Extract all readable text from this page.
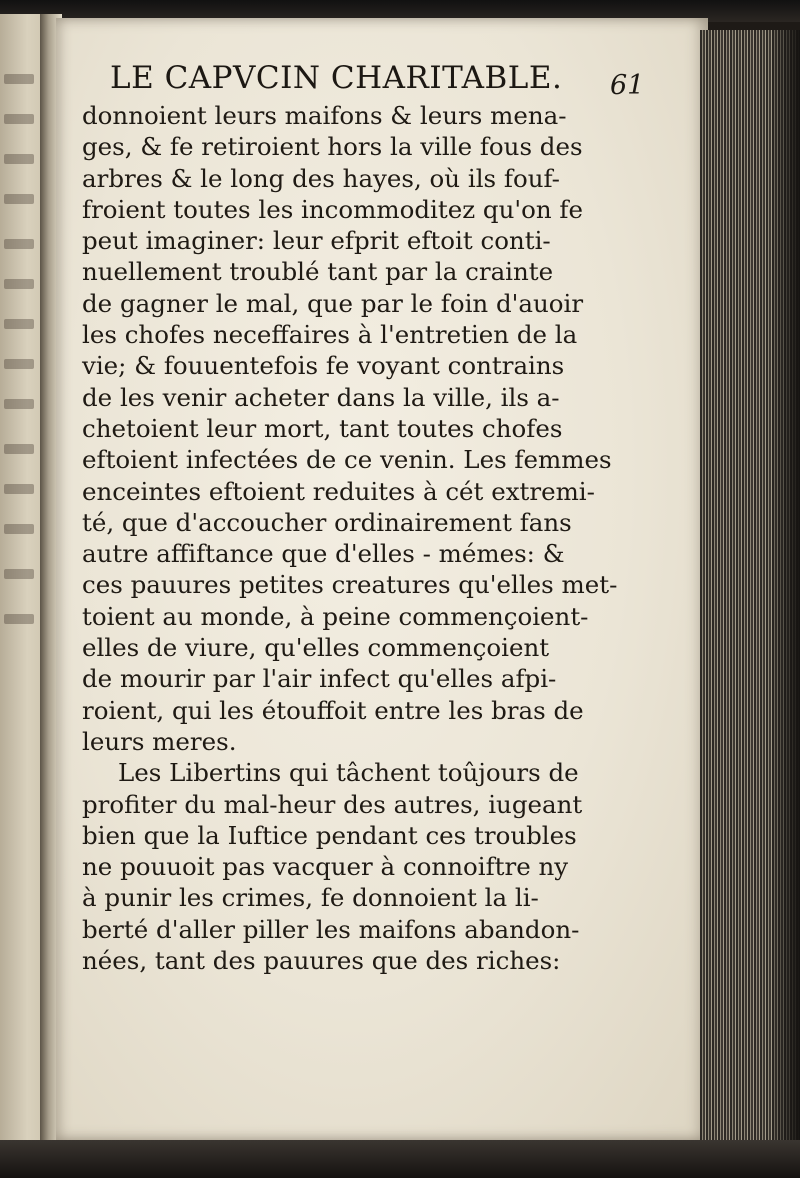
LE CAPVCIN CHARITABLE.	61
donnoient leurs maifons & leurs mena-
ges, & fe retiroient hors la ville fous des
arbres & le long des hayes, où ils fouf-
froient toutes les incommoditez qu'on fe
peut imaginer: leur efprit eftoit conti-
nuellement troublé tant par la crainte
de gagner le mal, que par le foin d'auoir
les chofes neceffaires à l'entretien de la
vie; & fouuentefois fe voyant contrains
de les venir acheter dans la ville, ils a-
chetoient leur mort, tant toutes chofes
eftoient infectées de ce venin. Les femmes
enceintes eftoient reduites à cét extremi-
té, que d'accoucher ordinairement fans
autre affiftance que d'elles - mémes: &
ces pauures petites creatures qu'elles met-
toient au monde, à peine commençoient-
elles de viure, qu'elles commençoient
de mourir par l'air infect qu'elles afpi-
roient, qui les étouffoit entre les bras de
leurs meres.
Les Libertins qui tâchent toûjours de
profiter du mal-heur des autres, iugeant
bien que la Iuftice pendant ces troubles
ne pouuoit pas vacquer à connoiftre ny
à punir les crimes, fe donnoient la li-
berté d'aller piller les maifons abandon-
nées, tant des pauures que des riches:
